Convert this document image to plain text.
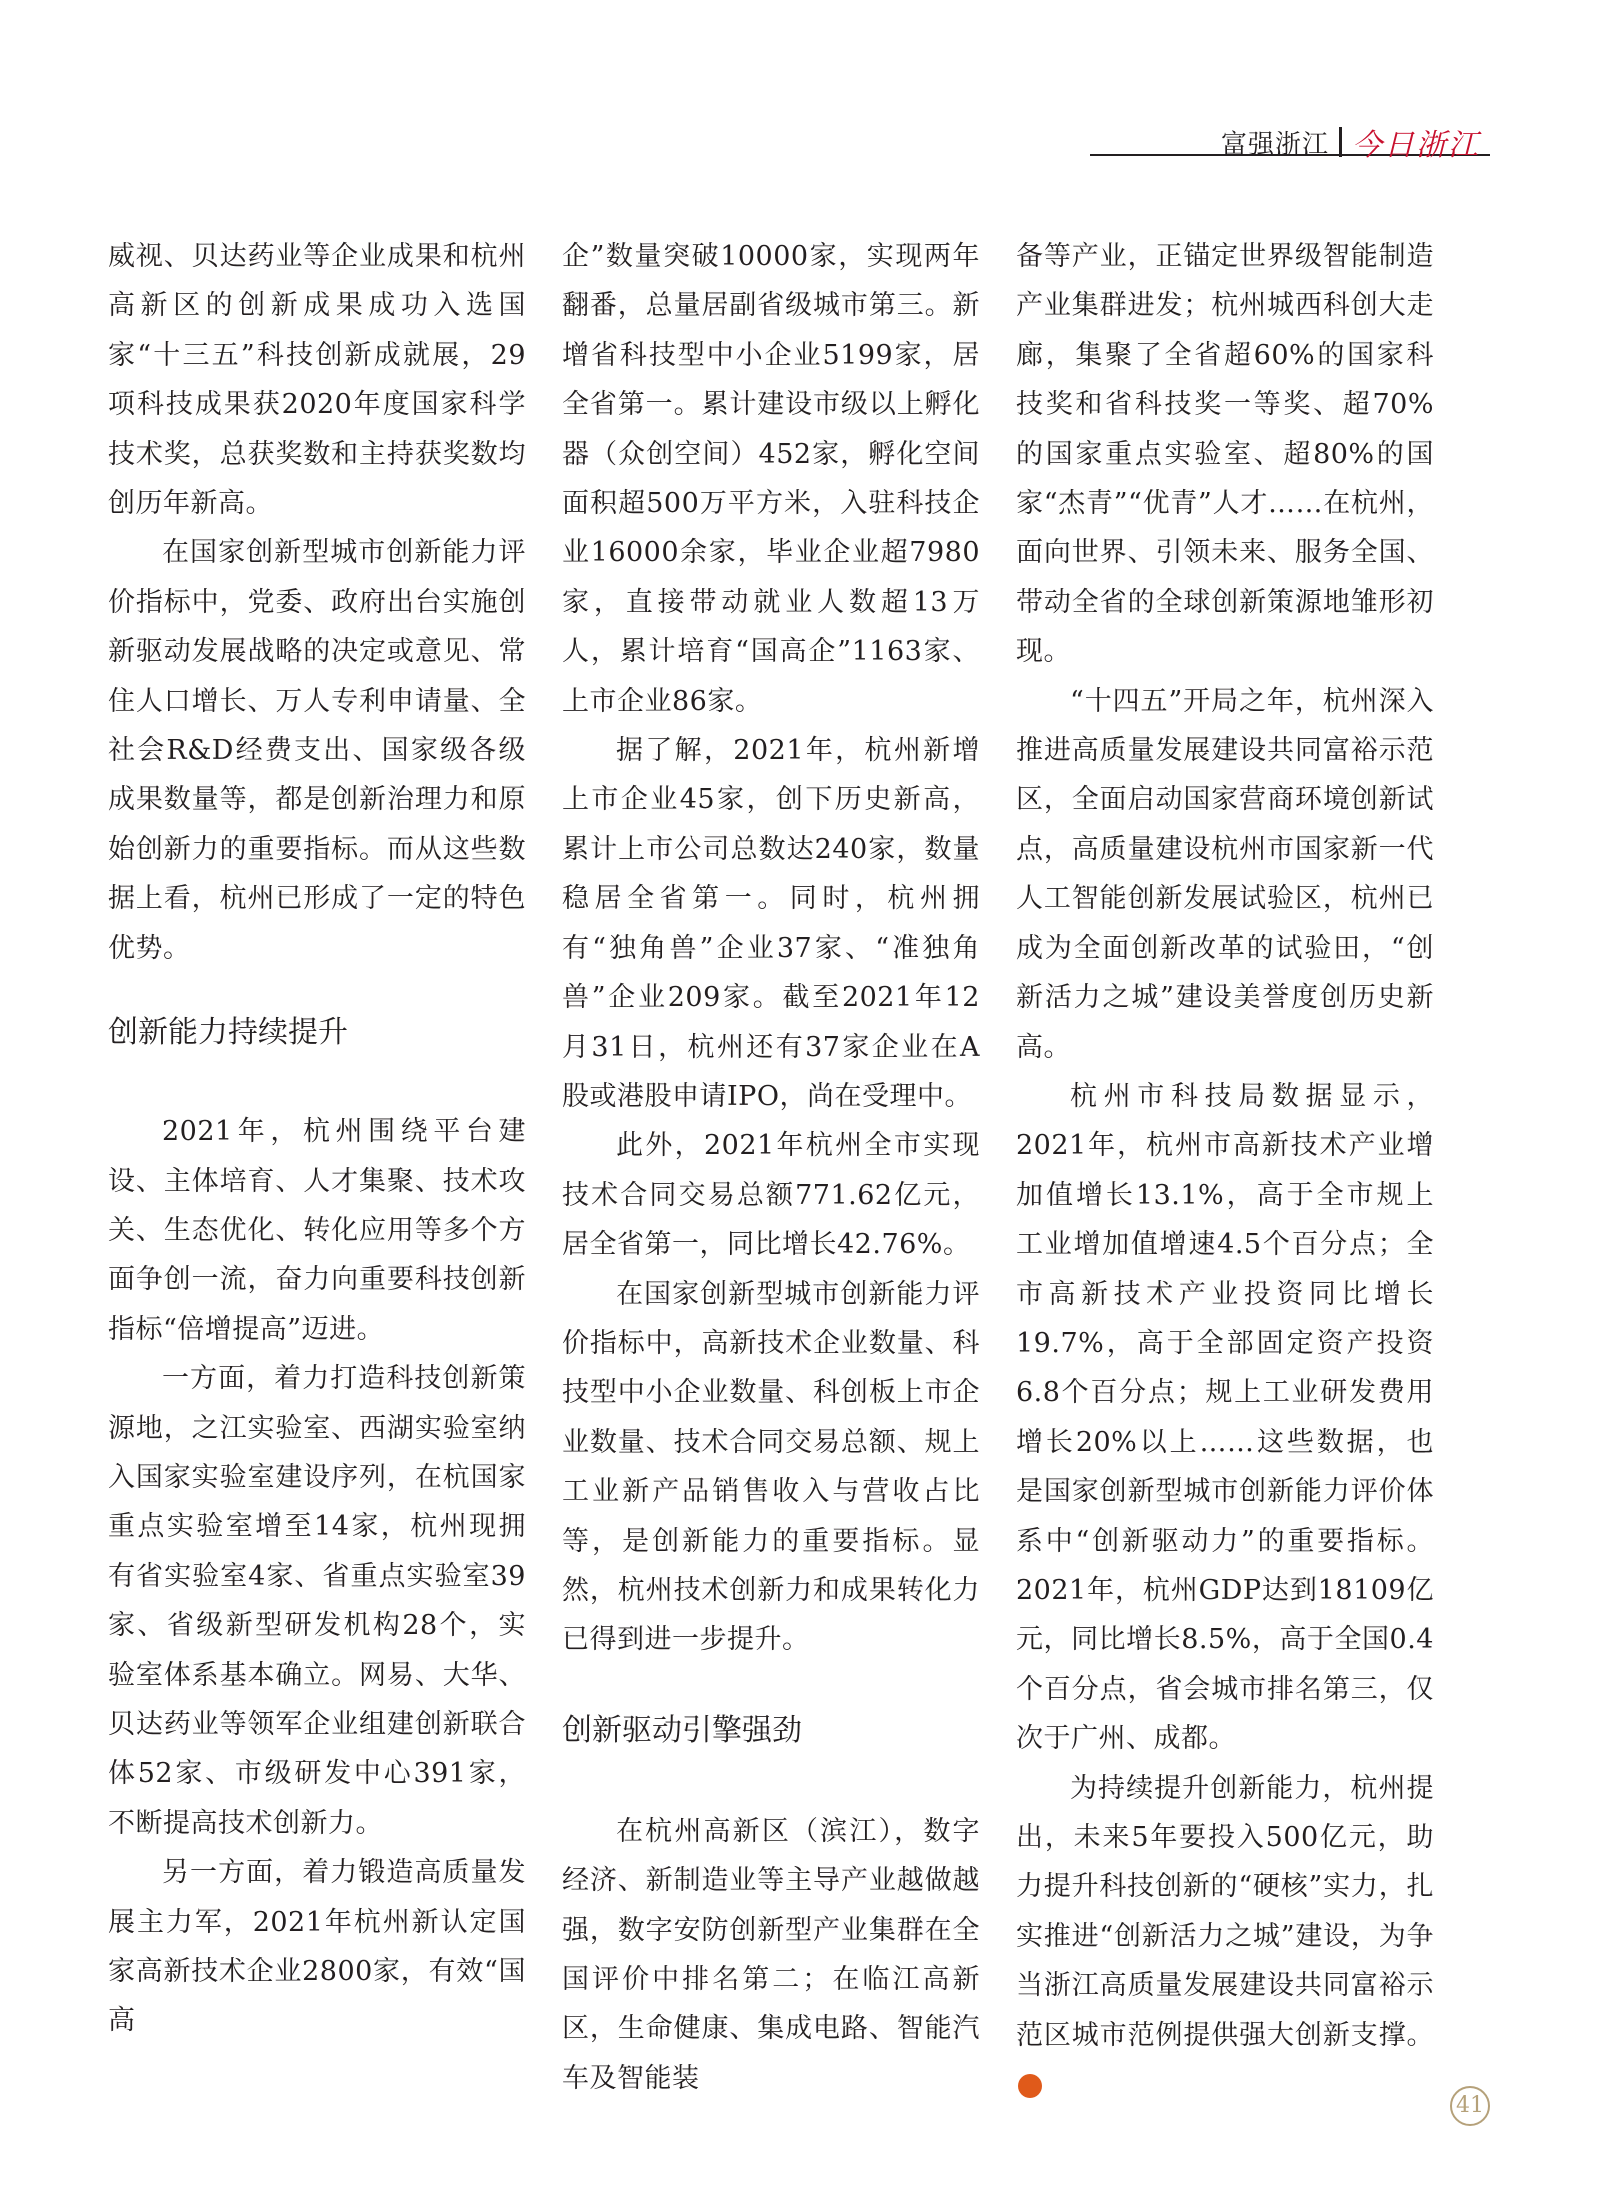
富强浙江 今日浙江

威视、贝达药业等企业成果和杭州高新区的创新成果成功入选国家“十三五”科技创新成就展，29项科技成果获2020年度国家科学技术奖，总获奖数和主持获奖数均创历年新高。

在国家创新型城市创新能力评价指标中，党委、政府出台实施创新驱动发展战略的决定或意见、常住人口增长、万人专利申请量、全社会R&D经费支出、国家级各级成果数量等，都是创新治理力和原始创新力的重要指标。而从这些数据上看，杭州已形成了一定的特色优势。

创新能力持续提升

2021年，杭州围绕平台建设、主体培育、人才集聚、技术攻关、生态优化、转化应用等多个方面争创一流，奋力向重要科技创新指标“倍增提高”迈进。

一方面，着力打造科技创新策源地，之江实验室、西湖实验室纳入国家实验室建设序列，在杭国家重点实验室增至14家，杭州现拥有省实验室4家、省重点实验室39家、省级新型研发机构28个，实验室体系基本确立。网易、大华、贝达药业等领军企业组建创新联合体52家、市级研发中心391家，不断提高技术创新力。

另一方面，着力锻造高质量发展主力军，2021年杭州新认定国家高新技术企业2800家，有效“国高

企”数量突破10000家，实现两年翻番，总量居副省级城市第三。新增省科技型中小企业5199家，居全省第一。累计建设市级以上孵化器（众创空间）452家，孵化空间面积超500万平方米，入驻科技企业16000余家，毕业企业超7980家，直接带动就业人数超13万人，累计培育“国高企”1163家、上市企业86家。

据了解，2021年，杭州新增上市企业45家，创下历史新高，累计上市公司总数达240家，数量稳居全省第一。同时，杭州拥有“独角兽”企业37家、“准独角兽”企业209家。截至2021年12月31日，杭州还有37家企业在A股或港股申请IPO，尚在受理中。

此外，2021年杭州全市实现技术合同交易总额771.62亿元，居全省第一，同比增长42.76%。

在国家创新型城市创新能力评价指标中，高新技术企业数量、科技型中小企业数量、科创板上市企业数量、技术合同交易总额、规上工业新产品销售收入与营收占比等，是创新能力的重要指标。显然，杭州技术创新力和成果转化力已得到进一步提升。

创新驱动引擎强劲

在杭州高新区（滨江），数字经济、新制造业等主导产业越做越强，数字安防创新型产业集群在全国评价中排名第二；在临江高新区，生命健康、集成电路、智能汽车及智能装

备等产业，正锚定世界级智能制造产业集群进发；杭州城西科创大走廊，集聚了全省超60%的国家科技奖和省科技奖一等奖、超70%的国家重点实验室、超80%的国家“杰青”“优青”人才……在杭州，面向世界、引领未来、服务全国、带动全省的全球创新策源地雏形初现。

“十四五”开局之年，杭州深入推进高质量发展建设共同富裕示范区，全面启动国家营商环境创新试点，高质量建设杭州市国家新一代人工智能创新发展试验区，杭州已成为全面创新改革的试验田，“创新活力之城”建设美誉度创历史新高。

杭州市科技局数据显示，2021年，杭州市高新技术产业增加值增长13.1%，高于全市规上工业增加值增速4.5个百分点；全市高新技术产业投资同比增长19.7%，高于全部固定资产投资6.8个百分点；规上工业研发费用增长20%以上……这些数据，也是国家创新型城市创新能力评价体系中“创新驱动力”的重要指标。2021年，杭州GDP达到18109亿元，同比增长8.5%，高于全国0.4个百分点，省会城市排名第三，仅次于广州、成都。

为持续提升创新能力，杭州提出，未来5年要投入500亿元，助力提升科技创新的“硬核”实力，扎实推进“创新活力之城”建设，为争当浙江高质量发展建设共同富裕示范区城市范例提供强大创新支撑。今

41
